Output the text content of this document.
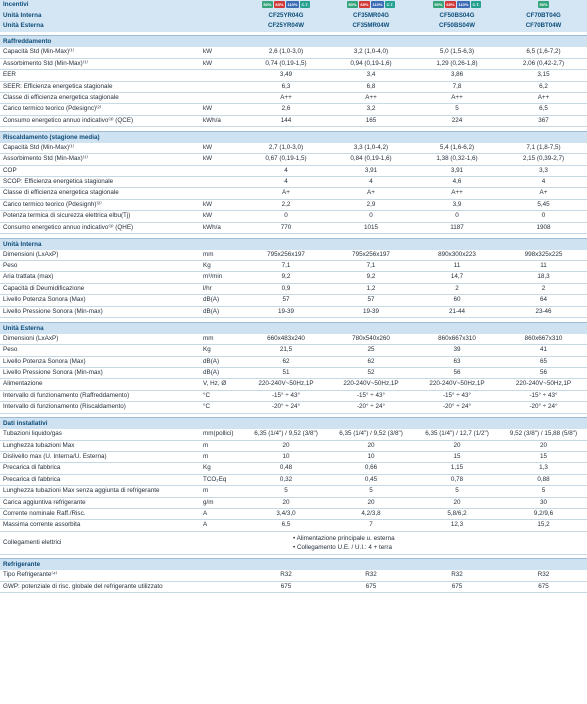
Incentivi		50% 65% 110% C.T.	50% 65% 110% C.T.	50% 65% 110% C.T.	50%
Unità Interna		CF25YR04G	CF35MR04G	CF50BS04G	CF70BT04G
Unità Esterna		CF25YR04W	CF35MR04W	CF50BS04W	CF70BT04W

Raffreddamento					
Capacità Std (Min-Max)⁽¹⁾	kW	2,6 (1,0-3,0)	3,2 (1,0-4,0)	5,0 (1,5-6,3)	6,5 (1,6-7,2)
Assorbimento Std (Min-Max)⁽¹⁾	kW	0,74 (0,19-1,5)	0,94 (0,19-1,6)	1,29 (0,26-1,8)	2,06 (0,42-2,7)
EER		3,49	3,4	3,86	3,15
SEER: Efficienza energetica stagionale		6,3	6,8	7,8	6,2
Classe di efficienza energetica stagionale		A++	A++	A++	A++
Carico termico teorico (Pdesignc)⁽²⁾	kW	2,6	3,2	5	6,5
Consumo energetico annuo indicativo⁽³⁾ (QCE)	kWh/a	144	165	224	367

Riscaldamento (stagione media)					
Capacità Std (Min-Max)⁽¹⁾	kW	2,7 (1,0-3,0)	3,3 (1,0-4,2)	5,4 (1,6-6,2)	7,1 (1,8-7,5)
Assorbimento Std (Min-Max)⁽¹⁾	kW	0,67 (0,19-1,5)	0,84 (0,19-1,6)	1,38 (0,32-1,6)	2,15 (0,39-2,7)
COP		4	3,91	3,91	3,3
SCOP: Efficienza energetica stagionale		4	4	4,6	4
Classe di efficienza energetica stagionale		A+	A+	A++	A+
Carico termico teorico (Pdesignh)⁽²⁾	kW	2,2	2,9	3,9	5,45
Potenza termica di sicurezza elettrica elbu(Tj)	kW	0	0	0	0
Consumo energetico annuo indicativo⁽³⁾ (QHE)	kWh/a	770	1015	1187	1908

Unità Interna					
Dimensioni (LxAxP)	mm	795x256x197	795x256x197	890x300x223	998x325x225
Peso	Kg	7,1	7,1	11	11
Aria trattata (max)	m³/min	9,2	9,2	14,7	18,3
Capacità di Deumidificazione	l/hr	0,9	1,2	2	2
Livello Potenza Sonora (Max)	dB(A)	57	57	60	64
Livello Pressione Sonora (Min-max)	dB(A)	19-39	19-39	21-44	23-46

Unità Esterna					
Dimensioni (LxAxP)	mm	660x483x240	780x540x260	860x667x310	860x667x310
Peso	Kg	21,5	25	39	41
Livello Potenza Sonora (Max)	dB(A)	62	62	63	65
Livello Pressione Sonora (Min-max)	dB(A)	51	52	56	56
Alimentazione	V, Hz, Ø	220-240V~50Hz,1P	220-240V~50Hz,1P	220-240V~50Hz,1P	220-240V~50Hz,1P
Intervallo di funzionamento (Raffreddamento)	°C	-15° ÷ 43°	-15° ÷ 43°	-15° ÷ 43°	-15° ÷ 43°
Intervallo di funzionamento (Riscaldamento)	°C	-20° ÷ 24°	-20° ÷ 24°	-20° ÷ 24°	-20° ÷ 24°

Dati installativi					
Tubazioni liquido/gas	mm(pollici)	6,35 (1/4") / 9,52 (3/8")	6,35 (1/4") / 9,52 (3/8")	6,35 (1/4") / 12,7 (1/2")	9,52 (3/8") / 15,88 (5/8")
Lunghezza tubazioni Max	m	20	20	20	20
Dislivello max (U. Interna/U. Esterna)	m	10	10	15	15
Precarica di fabbrica	Kg	0,48	0,66	1,15	1,3
Precarica di fabbrica	TCO₂Eq	0,32	0,45	0,78	0,88
Lunghezza tubazioni Max senza aggiunta di refrigerante	m	5	5	5	5
Carica aggiuntiva refrigerante	g/m	20	20	20	30
Corrente nominale Raff./Risc.	A	3,4/3,0	4,2/3,8	5,8/6,2	9,2/9,6
Massima corrente assorbita	A	6,5	7	12,3	15,2
Collegamenti elettrici	• Alimentazione principale u. esterna
• Collegamento U.E. / U.I.: 4 + terra				

Refrigerante					
Tipo Refrigerante⁽⁴⁾		R32	R32	R32	R32
GWP: potenziale di risc. globale del refrigerante utilizzato		675	675	675	675
